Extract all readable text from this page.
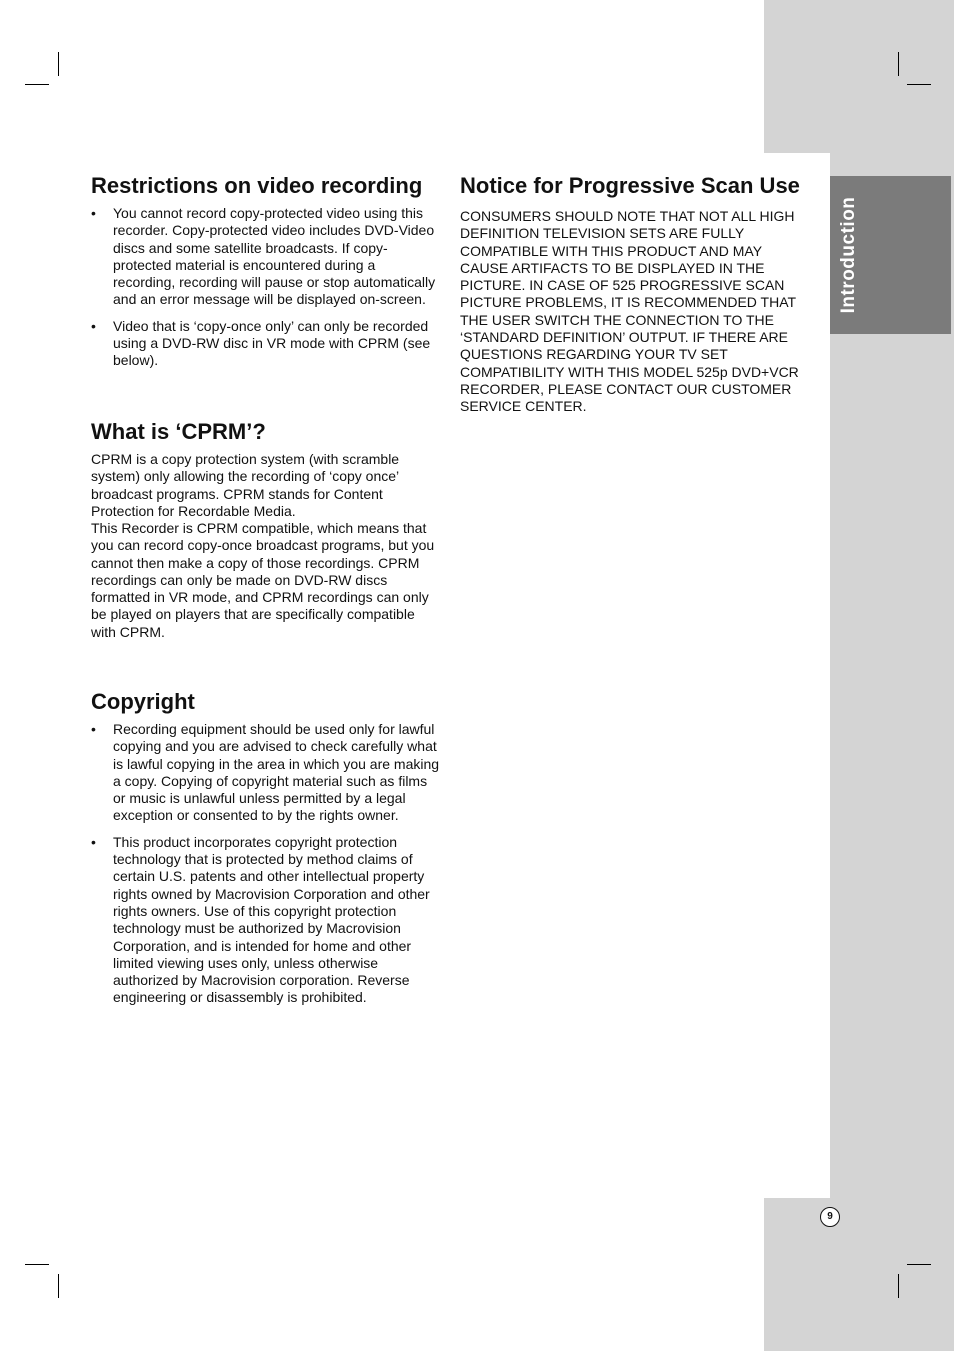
Introduction
Restrictions on video recording
• You cannot record copy-protected video using this recorder. Copy-protected video includes DVD-Video discs and some satellite broadcasts. If copy-protected material is encountered during a recording, recording will pause or stop automatically and an error message will be displayed on-screen.
• Video that is ‘copy-once only’ can only be recorded using a DVD-RW disc in VR mode with CPRM (see below).
What is ‘CPRM’?

CPRM is a copy protection system (with scramble system) only allowing the recording of ‘copy once’ broadcast programs. CPRM stands for Content Protection for Recordable Media.

This Recorder is CPRM compatible, which means that you can record copy-once broadcast programs, but you cannot then make a copy of those recordings. CPRM recordings can only be made on DVD-RW discs formatted in VR mode, and CPRM recordings can only be played on players that are specifically compatible with CPRM.

Copyright
• Recording equipment should be used only for lawful copying and you are advised to check carefully what is lawful copying in the area in which you are making a copy. Copying of copyright material such as films or music is unlawful unless permitted by a legal exception or consented to by the rights owner.
• This product incorporates copyright protection technology that is protected by method claims of certain U.S. patents and other intellectual property rights owned by Macrovision Corporation and other rights owners. Use of this copyright protection technology must be authorized by Macrovision Corporation, and is intended for home and other limited viewing uses only, unless otherwise authorized by Macrovision corporation. Reverse engineering or disassembly is prohibited.
Notice for Progressive Scan Use

CONSUMERS SHOULD NOTE THAT NOT ALL HIGH DEFINITION TELEVISION SETS ARE FULLY COMPATIBLE WITH THIS PRODUCT AND MAY CAUSE ARTIFACTS TO BE DISPLAYED IN THE PICTURE. IN CASE OF 525 PROGRESSIVE SCAN PICTURE PROBLEMS, IT IS RECOMMENDED THAT THE USER SWITCH THE CONNECTION TO THE ‘STANDARD DEFINITION’ OUTPUT. IF THERE ARE QUESTIONS REGARDING YOUR TV SET COMPATIBILITY WITH THIS MODEL 525p DVD+VCR RECORDER, PLEASE CONTACT OUR CUSTOMER SERVICE CENTER.

9
